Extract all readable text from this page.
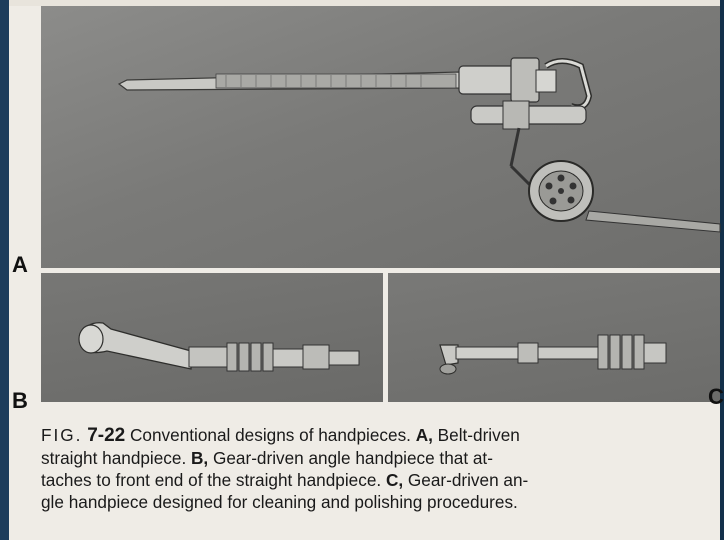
A
B	C
FIG. 7-22 Conventional designs of handpieces. A, Belt-driven
straight handpiece. B, Gear-driven angle handpiece that at-
taches to front end of the straight handpiece. C, Gear-driven an-
gle handpiece designed for cleaning and polishing procedures.
